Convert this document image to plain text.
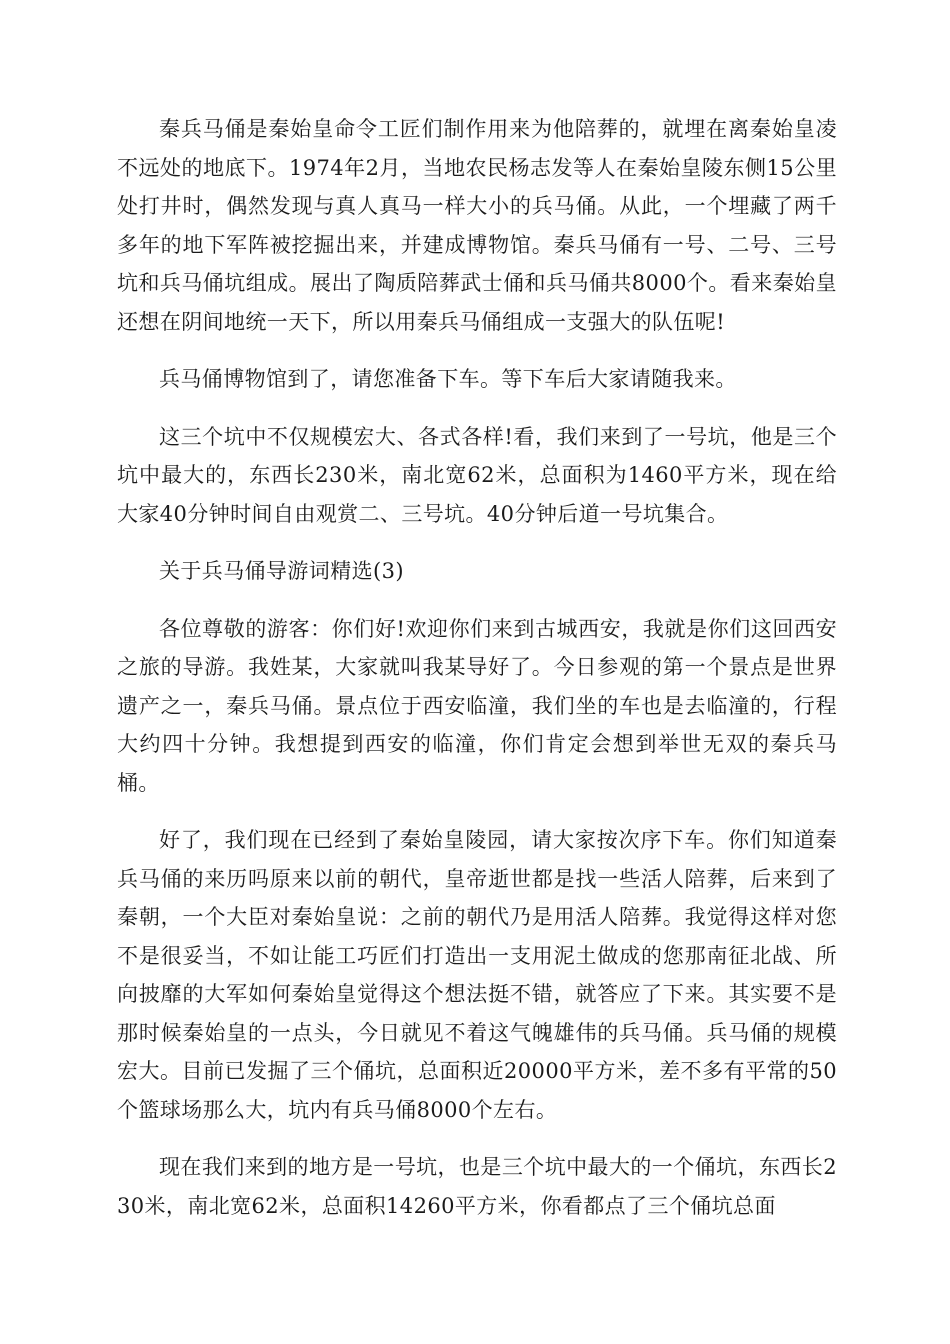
秦兵马俑是秦始皇命令工匠们制作用来为他陪葬的，就埋在离秦始皇凌不远处的地底下。1974年2月，当地农民杨志发等人在秦始皇陵东侧15公里处打井时，偶然发现与真人真马一样大小的兵马俑。从此，一个埋藏了两千多年的地下军阵被挖掘出来，并建成博物馆。秦兵马俑有一号、二号、三号坑和兵马俑坑组成。展出了陶质陪葬武士俑和兵马俑共8000个。看来秦始皇还想在阴间地统一天下，所以用秦兵马俑组成一支强大的队伍呢!

兵马俑博物馆到了，请您准备下车。等下车后大家请随我来。

这三个坑中不仅规模宏大、各式各样!看，我们来到了一号坑，他是三个坑中最大的，东西长230米，南北宽62米，总面积为1460平方米，现在给大家40分钟时间自由观赏二、三号坑。40分钟后道一号坑集合。

关于兵马俑导游词精选(3)

各位尊敬的游客：你们好!欢迎你们来到古城西安，我就是你们这回西安之旅的导游。我姓某，大家就叫我某导好了。今日参观的第一个景点是世界遗产之一，秦兵马俑。景点位于西安临潼，我们坐的车也是去临潼的，行程大约四十分钟。我想提到西安的临潼，你们肯定会想到举世无双的秦兵马桶。

好了，我们现在已经到了秦始皇陵园，请大家按次序下车。你们知道秦兵马俑的来历吗原来以前的朝代，皇帝逝世都是找一些活人陪葬，后来到了秦朝，一个大臣对秦始皇说：之前的朝代乃是用活人陪葬。我觉得这样对您不是很妥当，不如让能工巧匠们打造出一支用泥土做成的您那南征北战、所向披靡的大军如何秦始皇觉得这个想法挺不错，就答应了下来。其实要不是那时候秦始皇的一点头，今日就见不着这气魄雄伟的兵马俑。兵马俑的规模宏大。目前已发掘了三个俑坑，总面积近20000平方米，差不多有平常的50个篮球场那么大，坑内有兵马俑8000个左右。

现在我们来到的地方是一号坑，也是三个坑中最大的一个俑坑，东西长230米，南北宽62米，总面积14260平方米，你看都点了三个俑坑总面
